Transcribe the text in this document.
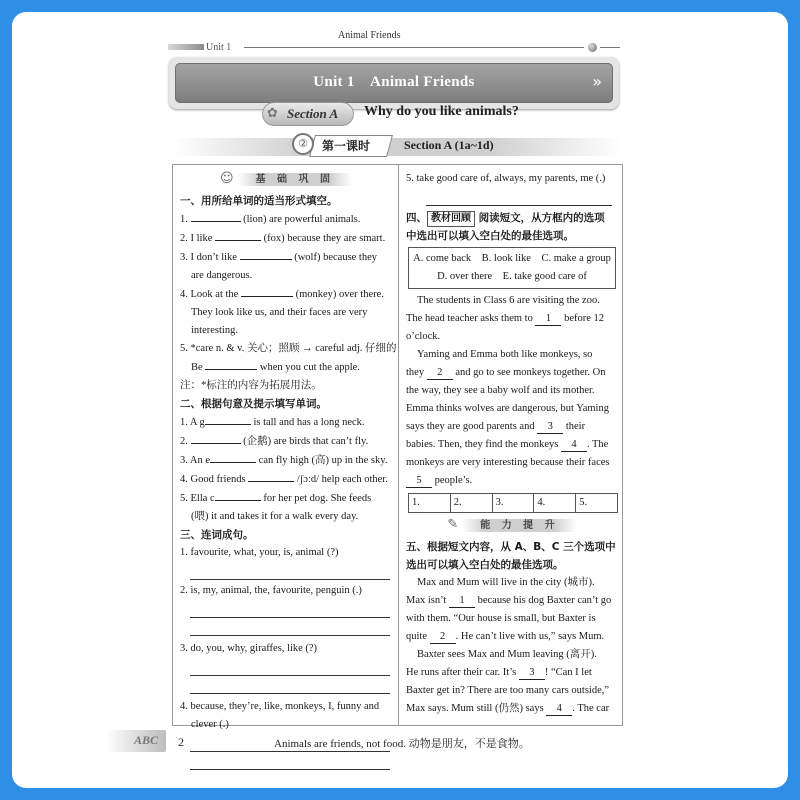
Unit 1
Animal Friends
Unit 1    Animal Friends	»
✿ Section A Why do you like animals?
②	第一课时	Section A (1a~1d)
☺ 基 础 巩 固

一、用所给单词的适当形式填空。

1.	(lion) are powerful animals.

2. I like	(fox) because they are smart.

3. I don’t like	(wolf) because they

are dangerous.

4. Look at the	(monkey) over there.

They look like us, and their faces are very

interesting.

5. *care n. & v. 关心；照顾 → careful adj. 仔细的

Be	when you cut the apple.

注：*标注的内容为拓展用法。

二、根据句意及提示填写单词。

1. A g	is tall and has a long neck.

2.	(企鹅) are birds that can’t fly.

3. An e	can fly high (高) up in the sky.

4. Good friends	/ʃɔːd/ help each other.

5. Ella c	for her pet dog. She feeds

(喂) it and takes it for a walk every day.

三、连词成句。

1. favourite, what, your, is, animal (?)

2. is, my, animal, the, favourite, penguin (.)

3. do, you, why, giraffes, like (?)

4. because, they’re, like, monkeys, I, funny and

clever (.)

5. take good care of, always, my parents, me (.)

四、 教材回顾 阅读短文，从方框内的选项

中选出可以填入空白处的最佳选项。

A. come back    B. look like    C. make a group
D. over there    E. take good care of

The students in Class 6 are visiting the zoo.

The head teacher asks them to 1 before 12

o’clock.

Yaming and Emma both like monkeys, so

they 2 and go to see monkeys together. On

the way, they see a baby wolf and its mother.

Emma thinks wolves are dangerous, but Yaming

says they are good parents and 3 their

babies. Then, they find the monkeys 4 . The

monkeys are very interesting because their faces

5 people’s.

1.	2.	3.	4.	5.
✎ 能 力 提 升

五、根据短文内容，从 A、B、C 三个选项中

选出可以填入空白处的最佳选项。

Max and Mum will live in the city (城市).

Max isn’t 1 because his dog Baxter can’t go

with them. “Our house is small, but Baxter is

quite 2 . He can’t live with us,” says Mum.

Baxter sees Max and Mum leaving (离开).

He runs after their car. It’s 3 ! “Can I let

Baxter get in? There are too many cars outside,”

Max says. Mum still (仍然) says 4 . The car

ABC 2	Animals are friends, not food. 动物是朋友，不是食物。
